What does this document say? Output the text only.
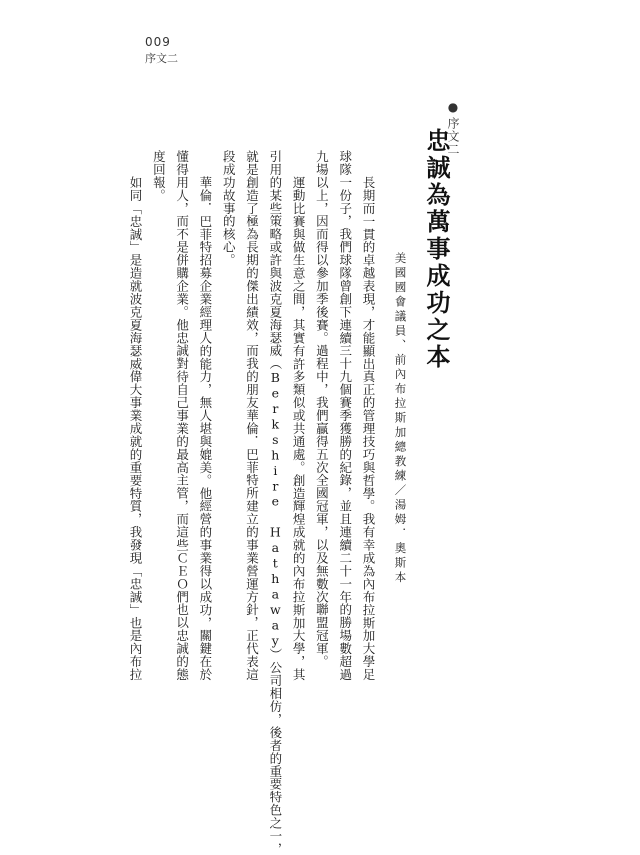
009
序文二
●序文二
忠誠為萬事成功之本
美國國會議員、前內布拉斯加總教練／湯姆．奧斯本
長期而一貫的卓越表現，才能顯出真正的管理技巧與哲學。我有幸成為內布拉斯加大學足
球隊一份子，我們球隊曾創下連續三十九個賽季獲勝的紀錄，並且連續二十一年的勝場數超過
九場以上，因而得以參加季後賽。過程中，我們贏得五次全國冠軍，以及無數次聯盟冠軍。
運動比賽與做生意之間，其實有許多類似或共通處。創造輝煌成就的內布拉斯加大學，其
引用的某些策略或許與波克夏海瑟威（Berkshire Hathaway）公司相仿，後者的重要特色之一，
就是創造了極為長期的傑出績效，而我的朋友華倫．巴菲特所建立的事業營運方針，正代表這
段成功故事的核心。
華倫．巴菲特招募企業經理人的能力，無人堪與媲美。他經營的事業得以成功，關鍵在於
懂得用人，而不是併購企業。他忠誠對待自己事業的最高主管，而這些ＣＥＯ們也以忠誠的態
度回報。
如同「忠誠」是造就波克夏海瑟威偉大事業成就的重要特質，我發現「忠誠」也是內布拉
